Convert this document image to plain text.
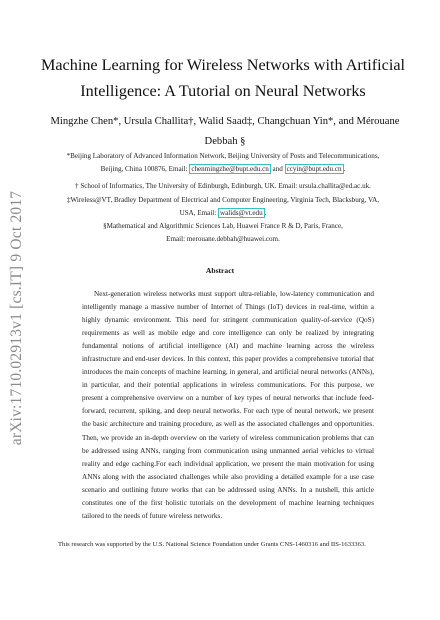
arXiv:1710.02913v1 [cs.IT] 9 Oct 2017
Machine Learning for Wireless Networks with Artificial
Intelligence: A Tutorial on Neural Networks
Mingzhe Chen*, Ursula Challita†, Walid Saad‡, Changchuan Yin*, and Mérouane
Debbah §
*Beijing Laboratory of Advanced Information Network, Beijing University of Posts and Telecommunications,
Beijing, China 100876, Email: chenmingzhe@bupt.edu.cn and ccyin@bupt.edu.cn .
† School of Informatics, The University of Edinburgh, Edinburgh, UK. Email: ursula.challita@ed.ac.uk.
‡Wireless@VT, Bradley Department of Electrical and Computer Engineering, Virginia Tech, Blacksburg, VA,
USA, Email: walids@vt.edu .
§Mathematical and Algorithmic Sciences Lab, Huawei France R & D, Paris, France,
Email: merouane.debbah@huawei.com.
Abstract
Next-generation wireless networks must support ultra-reliable, low-latency communication and intelligently manage a massive number of Internet of Things (IoT) devices in real-time, within a highly dynamic environment. This need for stringent communication quality-of-service (QoS) requirements as well as mobile edge and core intelligence can only be realized by integrating fundamental notions of artificial intelligence (AI) and machine learning across the wireless infrastructure and end-user devices. In this context, this paper provides a comprehensive tutorial that introduces the main concepts of machine learning, in general, and artificial neural networks (ANNs), in particular, and their potential applications in wireless communications. For this purpose, we present a comprehensive overview on a number of key types of neural networks that include feed-forward, recurrent, spiking, and deep neural networks. For each type of neural network, we present the basic architecture and training procedure, as well as the associated challenges and opportunities. Then, we provide an in-depth overview on the variety of wireless communication problems that can be addressed using ANNs, ranging from communication using unmanned aerial vehicles to virtual reality and edge caching.For each individual application, we present the main motivation for using ANNs along with the associated challenges while also providing a detailed example for a use case scenario and outlining future works that can be addressed using ANNs. In a nutshell, this article constitutes one of the first holistic tutorials on the development of machine learning techniques tailored to the needs of future wireless networks.
This research was supported by the U.S. National Science Foundation under Grants CNS-1460316 and IIS-1633363.
